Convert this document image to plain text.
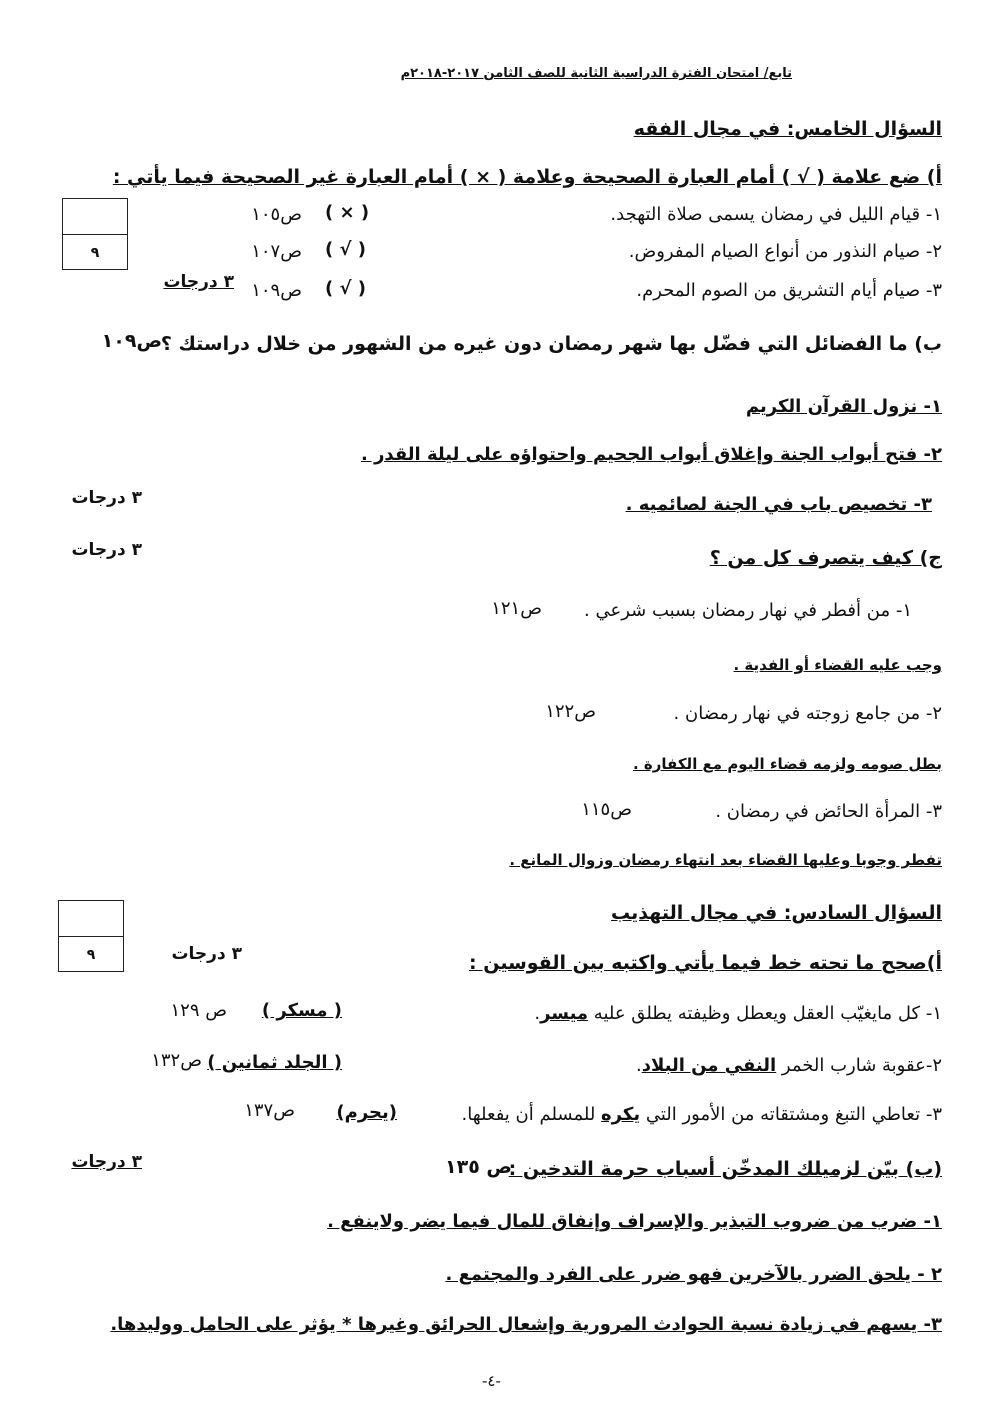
تابع/ امتحان الفترة الدراسية الثانية للصف الثامن ٢٠١٧-٢٠١٨م
السؤال الخامس: في مجال الفقه
أ) ضع علامة ( √ ) أمام العبارة الصحيحة وعلامة ( × ) أمام العبارة غير الصحيحة فيما يأتي :
٩
١- قيام الليل في رمضان يسمى صلاة التهجد.
( × )
ص١٠٥
٢- صيام النذور من أنواع الصيام المفروض.
( √ )
ص١٠٧
٣- صيام أيام التشريق من الصوم المحرم.
( √ )
ص١٠٩
٣ درجات
ب) ما الفضائل التي فضّل بها شهر رمضان دون غيره من الشهور من خلال دراستك ؟
ص١٠٩
١- نزول القرآن الكريم
٢- فتح أبواب الجنة وإغلاق أبواب الجحيم واحتواؤه على ليلة القدر .
٣- تخصيص باب في الجنة لصائميه .
٣ درجات
ج) كيف يتصرف كل من ؟
٣ درجات
١- من أفطر في نهار رمضان بسبب شرعي .
ص١٢١
وجب عليه القضاء أو الفدية .
٢- من جامع زوجته في نهار رمضان .
ص١٢٢
بطل صومه ولزمه قضاء اليوم مع الكفارة .
٣- المرأة الحائض في رمضان .
ص١١٥
تفطر وجوبا وعليها القضاء بعد انتهاء رمضان وزوال المانع .
السؤال السادس: في مجال التهذيب
٩	أ)صحح ما تحته خط فيما يأتي واكتبه بين القوسين :
٣ درجات
١- كل مايغيّب العقل ويعطل وظيفته يطلق عليه ميسر.
( مسكر )
ص ١٢٩
٢-عقوبة شارب الخمر النفي من البلاد.
( الجلد ثمانين )
ص١٣٢
٣- تعاطي التبغ ومشتقاته من الأمور التي يكره للمسلم أن يفعلها.
(يحرم)
ص١٣٧
(ب) بيّن لزميلك المدخّن أسباب حرمة التدخين :
ص ١٣٥
٣ درجات
١- ضرب من ضروب التبذير والإسراف وإنفاق للمال فيما يضر ولاينفع .
٢ - يلحق الضرر بالآخرين فهو ضرر على الفرد والمجتمع .
٣- يسهم في زيادة نسبة الحوادث المرورية وإشعال الحرائق وغيرها * يؤثر على الحامل ووليدها.
-٤-
